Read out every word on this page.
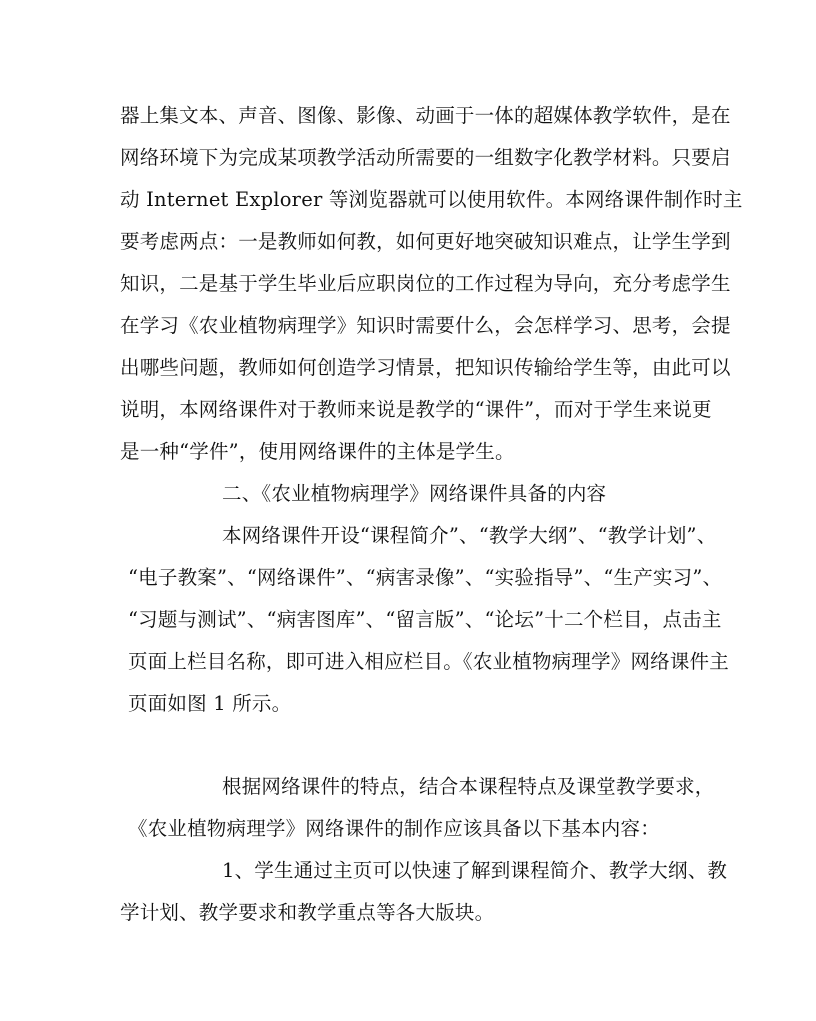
器上集文本、声音、图像、影像、动画于一体的超媒体教学软件，是在
网络环境下为完成某项教学活动所需要的一组数字化教学材料。只要启
动 Internet Explorer 等浏览器就可以使用软件。本网络课件制作时主
要考虑两点：一是教师如何教，如何更好地突破知识难点，让学生学到
知识，二是基于学生毕业后应职岗位的工作过程为导向，充分考虑学生
在学习《农业植物病理学》知识时需要什么，会怎样学习、思考，会提
出哪些问题，教师如何创造学习情景，把知识传输给学生等，由此可以
说明，本网络课件对于教师来说是教学的“课件”，而对于学生来说更
是一种“学件”，使用网络课件的主体是学生。
二、《农业植物病理学》网络课件具备的内容
本网络课件开设“课程简介”、“教学大纲”、“教学计划”、
“电子教案”、“网络课件”、“病害录像”、“实验指导”、“生产实习”、
“习题与测试”、“病害图库”、“留言版”、“论坛”十二个栏目，点击主
页面上栏目名称，即可进入相应栏目。《农业植物病理学》网络课件主
页面如图 1 所示。
根据网络课件的特点，结合本课程特点及课堂教学要求，
《农业植物病理学》网络课件的制作应该具备以下基本内容：
1、学生通过主页可以快速了解到课程简介、教学大纲、教
学计划、教学要求和教学重点等各大版块。
